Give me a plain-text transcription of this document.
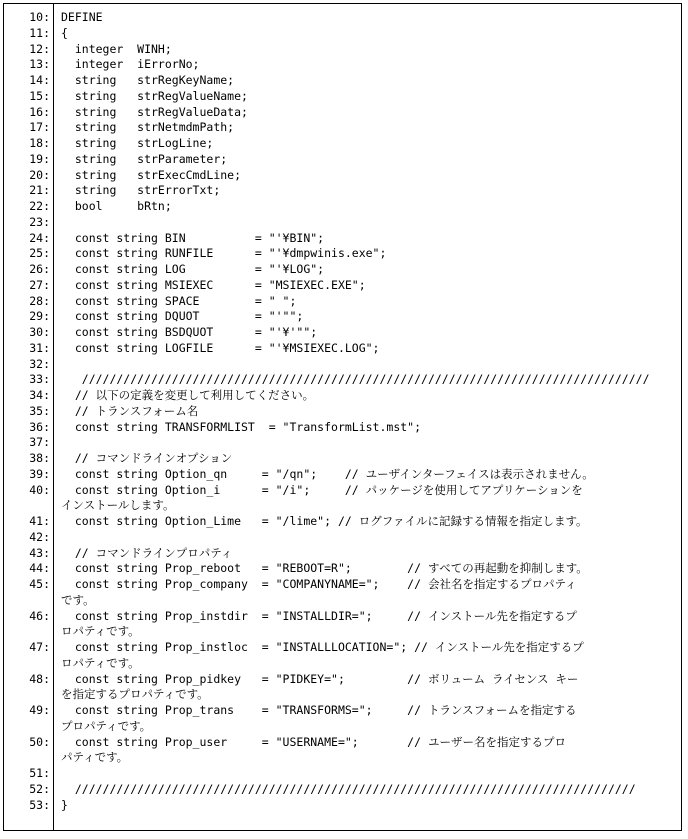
10: DEFINE
11: {
12: integer  WINH;
13: integer  iErrorNo;
14: string   strRegKeyName;
15: string   strRegValueName;
16: string   strRegValueData;
17: string   strNetmdmPath;
18: string   strLogLine;
19: string   strParameter;
20: string   strExecCmdLine;
21: string   strErrorTxt;
22: bool     bRtn;
23:
24: const string BIN          = "'¥BIN";
25: const string RUNFILE      = "'¥dmpwinis.exe";
26: const string LOG          = "'¥LOG";
27: const string MSIEXEC      = "MSIEXEC.EXE";
28: const string SPACE        = " ";
29: const string DQUOT        = "'"";
30: const string BSDQUOT      = "'¥'"";
31: const string LOGFILE      = "'¥MSIEXEC.LOG";
32:
33: //////////////////////////////////////////////////////////////////////////////////
34: // 以下の定義を変更して利用してください。
35: // トランスフォーム名
36: const string TRANSFORMLIST  = "TransformList.mst";
37:
38: // コマンドラインオプション
39: const string Option_qn     = "/qn";    // ユーザインターフェイスは表示されません。
40: const string Option_i      = "/i";     // パッケージを使用してアプリケーションを
インストールします。
41: const string Option_Lime   = "/lime"; // ログファイルに記録する情報を指定します。
42:
43: // コマンドラインプロパティ
44: const string Prop_reboot   = "REBOOT=R";        // すべての再起動を抑制します。
45: const string Prop_company  = "COMPANYNAME=";    // 会社名を指定するプロパティ
です。
46: const string Prop_instdir  = "INSTALLDIR=";     // インストール先を指定するプ
ロパティです。
47: const string Prop_instloc  = "INSTALLLOCATION="; // インストール先を指定するプ
ロパティです。
48: const string Prop_pidkey   = "PIDKEY=";         // ボリューム ライセンス キー
を指定するプロパティです。
49: const string Prop_trans    = "TRANSFORMS=";     // トランスフォームを指定する
プロパティです。
50: const string Prop_user     = "USERNAME=";       // ユーザー名を指定するプロ
パティです。
51:
52: /////////////////////////////////////////////////////////////////////////////////
53: }
